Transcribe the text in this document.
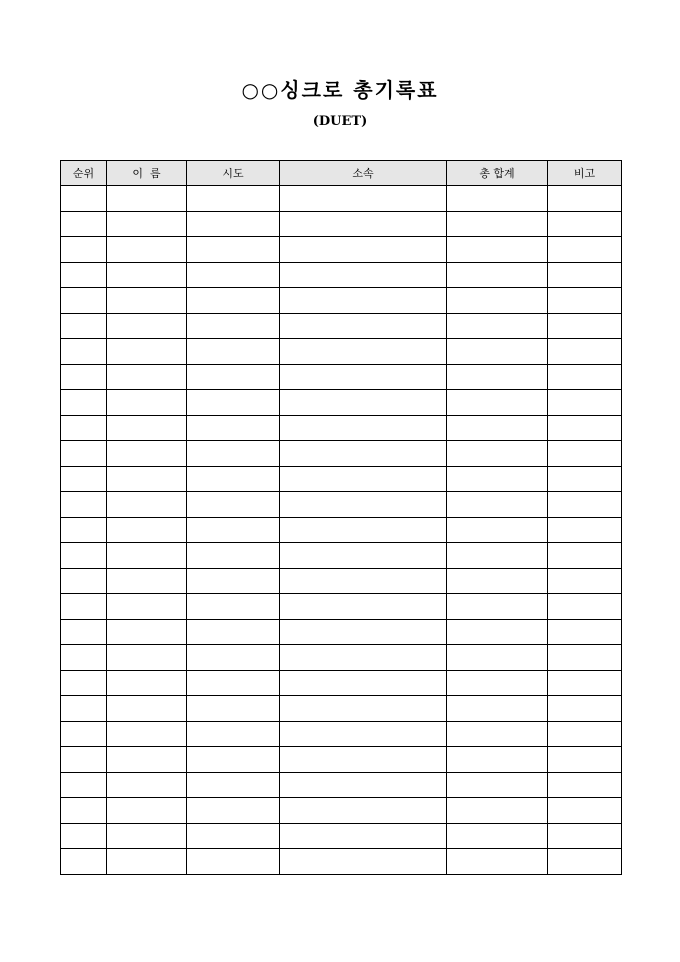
○○싱크로 총기록표
(DUET)
순위	이  름	시도	소속	총 합계	비고
